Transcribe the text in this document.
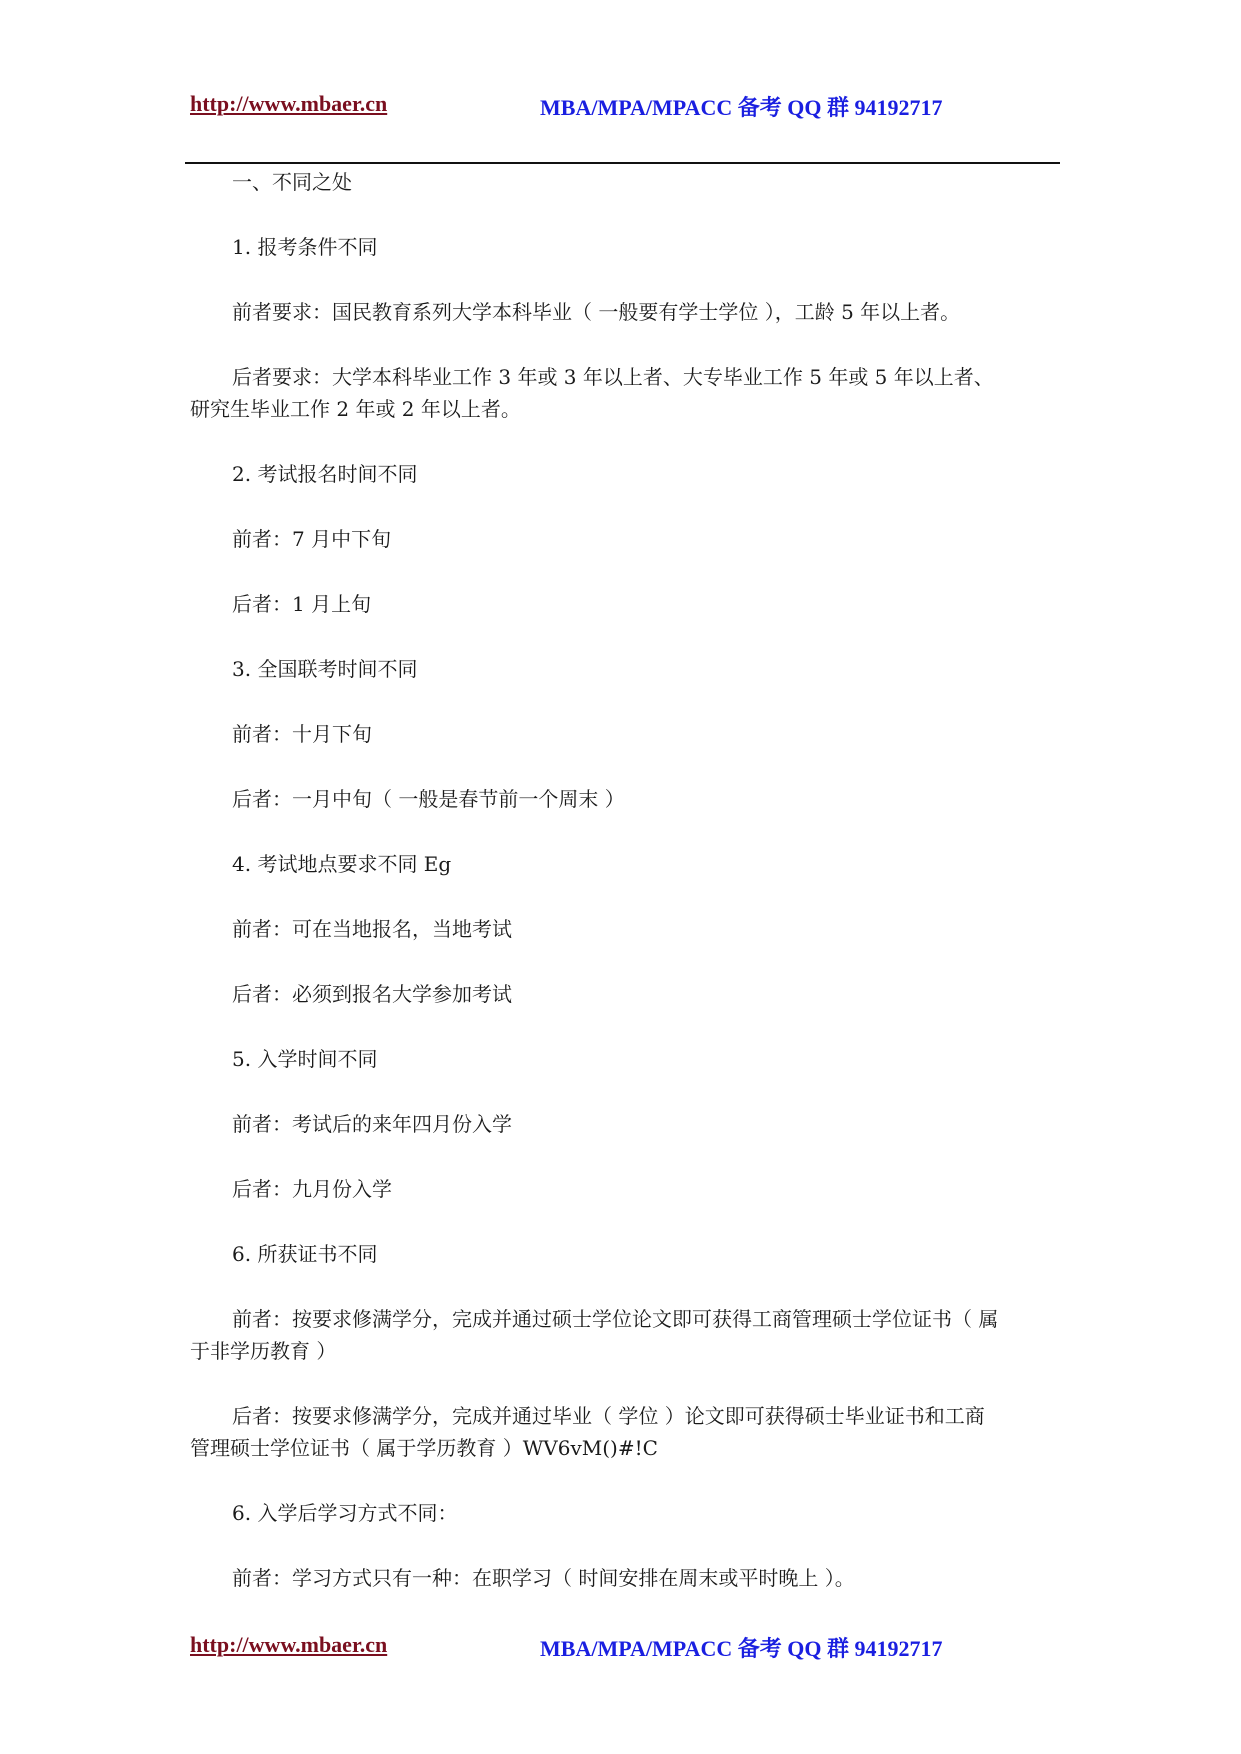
http://www.mbaer.cn	MBA/MPA/MPACC 备考 QQ 群 94192717

一、不同之处

1. 报考条件不同

前者要求：国民教育系列大学本科毕业（ 一般要有学士学位 ），工龄 5 年以上者。

后者要求：大学本科毕业工作 3 年或 3 年以上者、大专毕业工作 5 年或 5 年以上者、

研究生毕业工作 2 年或 2 年以上者。

2. 考试报名时间不同

前者：7 月中下旬

后者：1 月上旬

3. 全国联考时间不同

前者：十月下旬

后者：一月中旬（ 一般是春节前一个周末 ）

4. 考试地点要求不同 Eg

前者：可在当地报名，当地考试

后者：必须到报名大学参加考试

5. 入学时间不同

前者：考试后的来年四月份入学

后者：九月份入学

6. 所获证书不同

前者：按要求修满学分，完成并通过硕士学位论文即可获得工商管理硕士学位证书（ 属

于非学历教育 ）

后者：按要求修满学分，完成并通过毕业（ 学位 ）论文即可获得硕士毕业证书和工商

管理硕士学位证书（ 属于学历教育 ）WV6vM()#!C

6. 入学后学习方式不同：

前者：学习方式只有一种：在职学习（ 时间安排在周末或平时晚上 ）。

http://www.mbaer.cn	MBA/MPA/MPACC 备考 QQ 群 94192717
